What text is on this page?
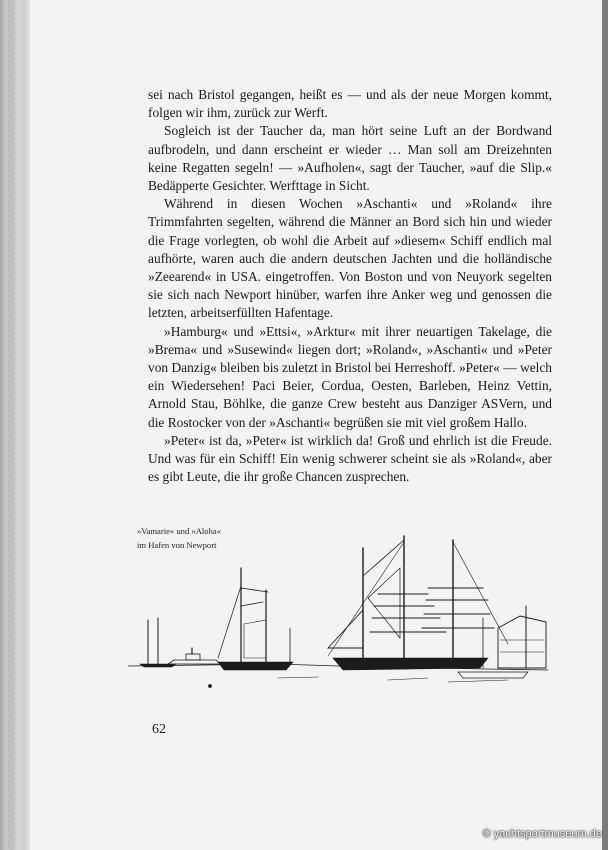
sei nach Bristol gegangen, heißt es — und als der neue Morgen kommt, folgen wir ihm, zurück zur Werft.

Sogleich ist der Taucher da, man hört seine Luft an der Bordwand aufbrodeln, und dann erscheint er wieder … Man soll am Dreizehnten keine Regatten segeln! — »Aufholen«, sagt der Taucher, »auf die Slip.« Bedäpperte Gesichter. Werfttage in Sicht.

Während in diesen Wochen »Aschanti« und »Roland« ihre Trimmfahrten segelten, während die Männer an Bord sich hin und wieder die Frage vorlegten, ob wohl die Arbeit auf »diesem« Schiff endlich mal aufhörte, waren auch die andern deutschen Jachten und die holländische »Zeearend« in USA. eingetroffen. Von Boston und von Neuyork segelten sie sich nach Newport hinüber, warfen ihre Anker weg und genossen die letzten, arbeitserfüllten Hafentage.

»Hamburg« und »Ettsi«, »Arktur« mit ihrer neuartigen Takelage, die »Brema« und »Susewind« liegen dort; »Roland«, »Aschanti« und »Peter von Danzig« bleiben bis zuletzt in Bristol bei Herreshoff. »Peter« — welch ein Wiedersehen! Paci Beier, Cordua, Oesten, Barleben, Heinz Vettin, Arnold Stau, Böhlke, die ganze Crew besteht aus Danziger ASVern, und die Rostocker von der »Aschanti« begrüßen sie mit viel großem Hallo.

»Peter« ist da, »Peter« ist wirklich da! Groß und ehrlich ist die Freude. Und was für ein Schiff! Ein wenig schwerer scheint sie als »Roland«, aber es gibt Leute, die ihr große Chancen zusprechen.

»Vamarie« und »Aloha«
im Hafen von Newport
62
© yachtsportmuseum.de
